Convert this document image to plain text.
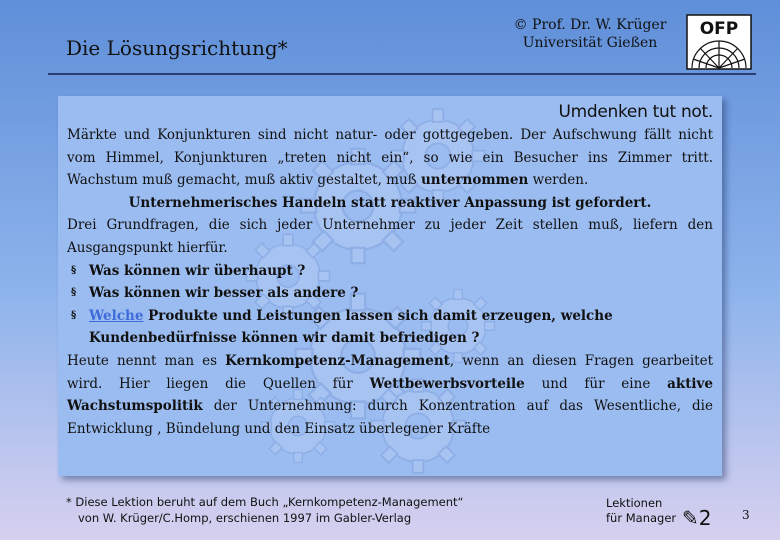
Die Lösungsrichtung*
© Prof. Dr. W. Krüger
Universität Gießen
OFP
Umdenken tut not.
Märkte und Konjunkturen sind nicht natur- oder gottgegeben. Der Aufschwung fällt nicht vom Himmel, Konjunkturen „treten nicht ein“, so wie ein Besucher ins Zimmer tritt. Wachstum muß gemacht, muß aktiv gestaltet, muß unternommen werden.
Unternehmerisches Handeln statt reaktiver Anpassung ist gefordert.
Drei Grundfragen, die sich jeder Unternehmer zu jeder Zeit stellen muß, liefern den Ausgangspunkt hierfür.
§ Was können wir überhaupt ?
§ Was können wir besser als andere ?
§ Welche Produkte und Leistungen lassen sich damit erzeugen, welche
Kundenbedürfnisse können wir damit befriedigen ?
Heute nennt man es Kernkompetenz-Management, wenn an diesen Fragen gearbeitet wird. Hier liegen die Quellen für Wettbewerbsvorteile und für eine aktive Wachstumspolitik der Unternehmung: durch Konzentration auf das Wesentliche, die Entwicklung , Bündelung und den Einsatz überlegener Kräfte
* Diese Lektion beruht auf dem Buch „Kernkompetenz-Management“
von W. Krüger/C.Homp, erschienen 1997 im Gabler-Verlag
Lektionen
für Manager ✎2	3
